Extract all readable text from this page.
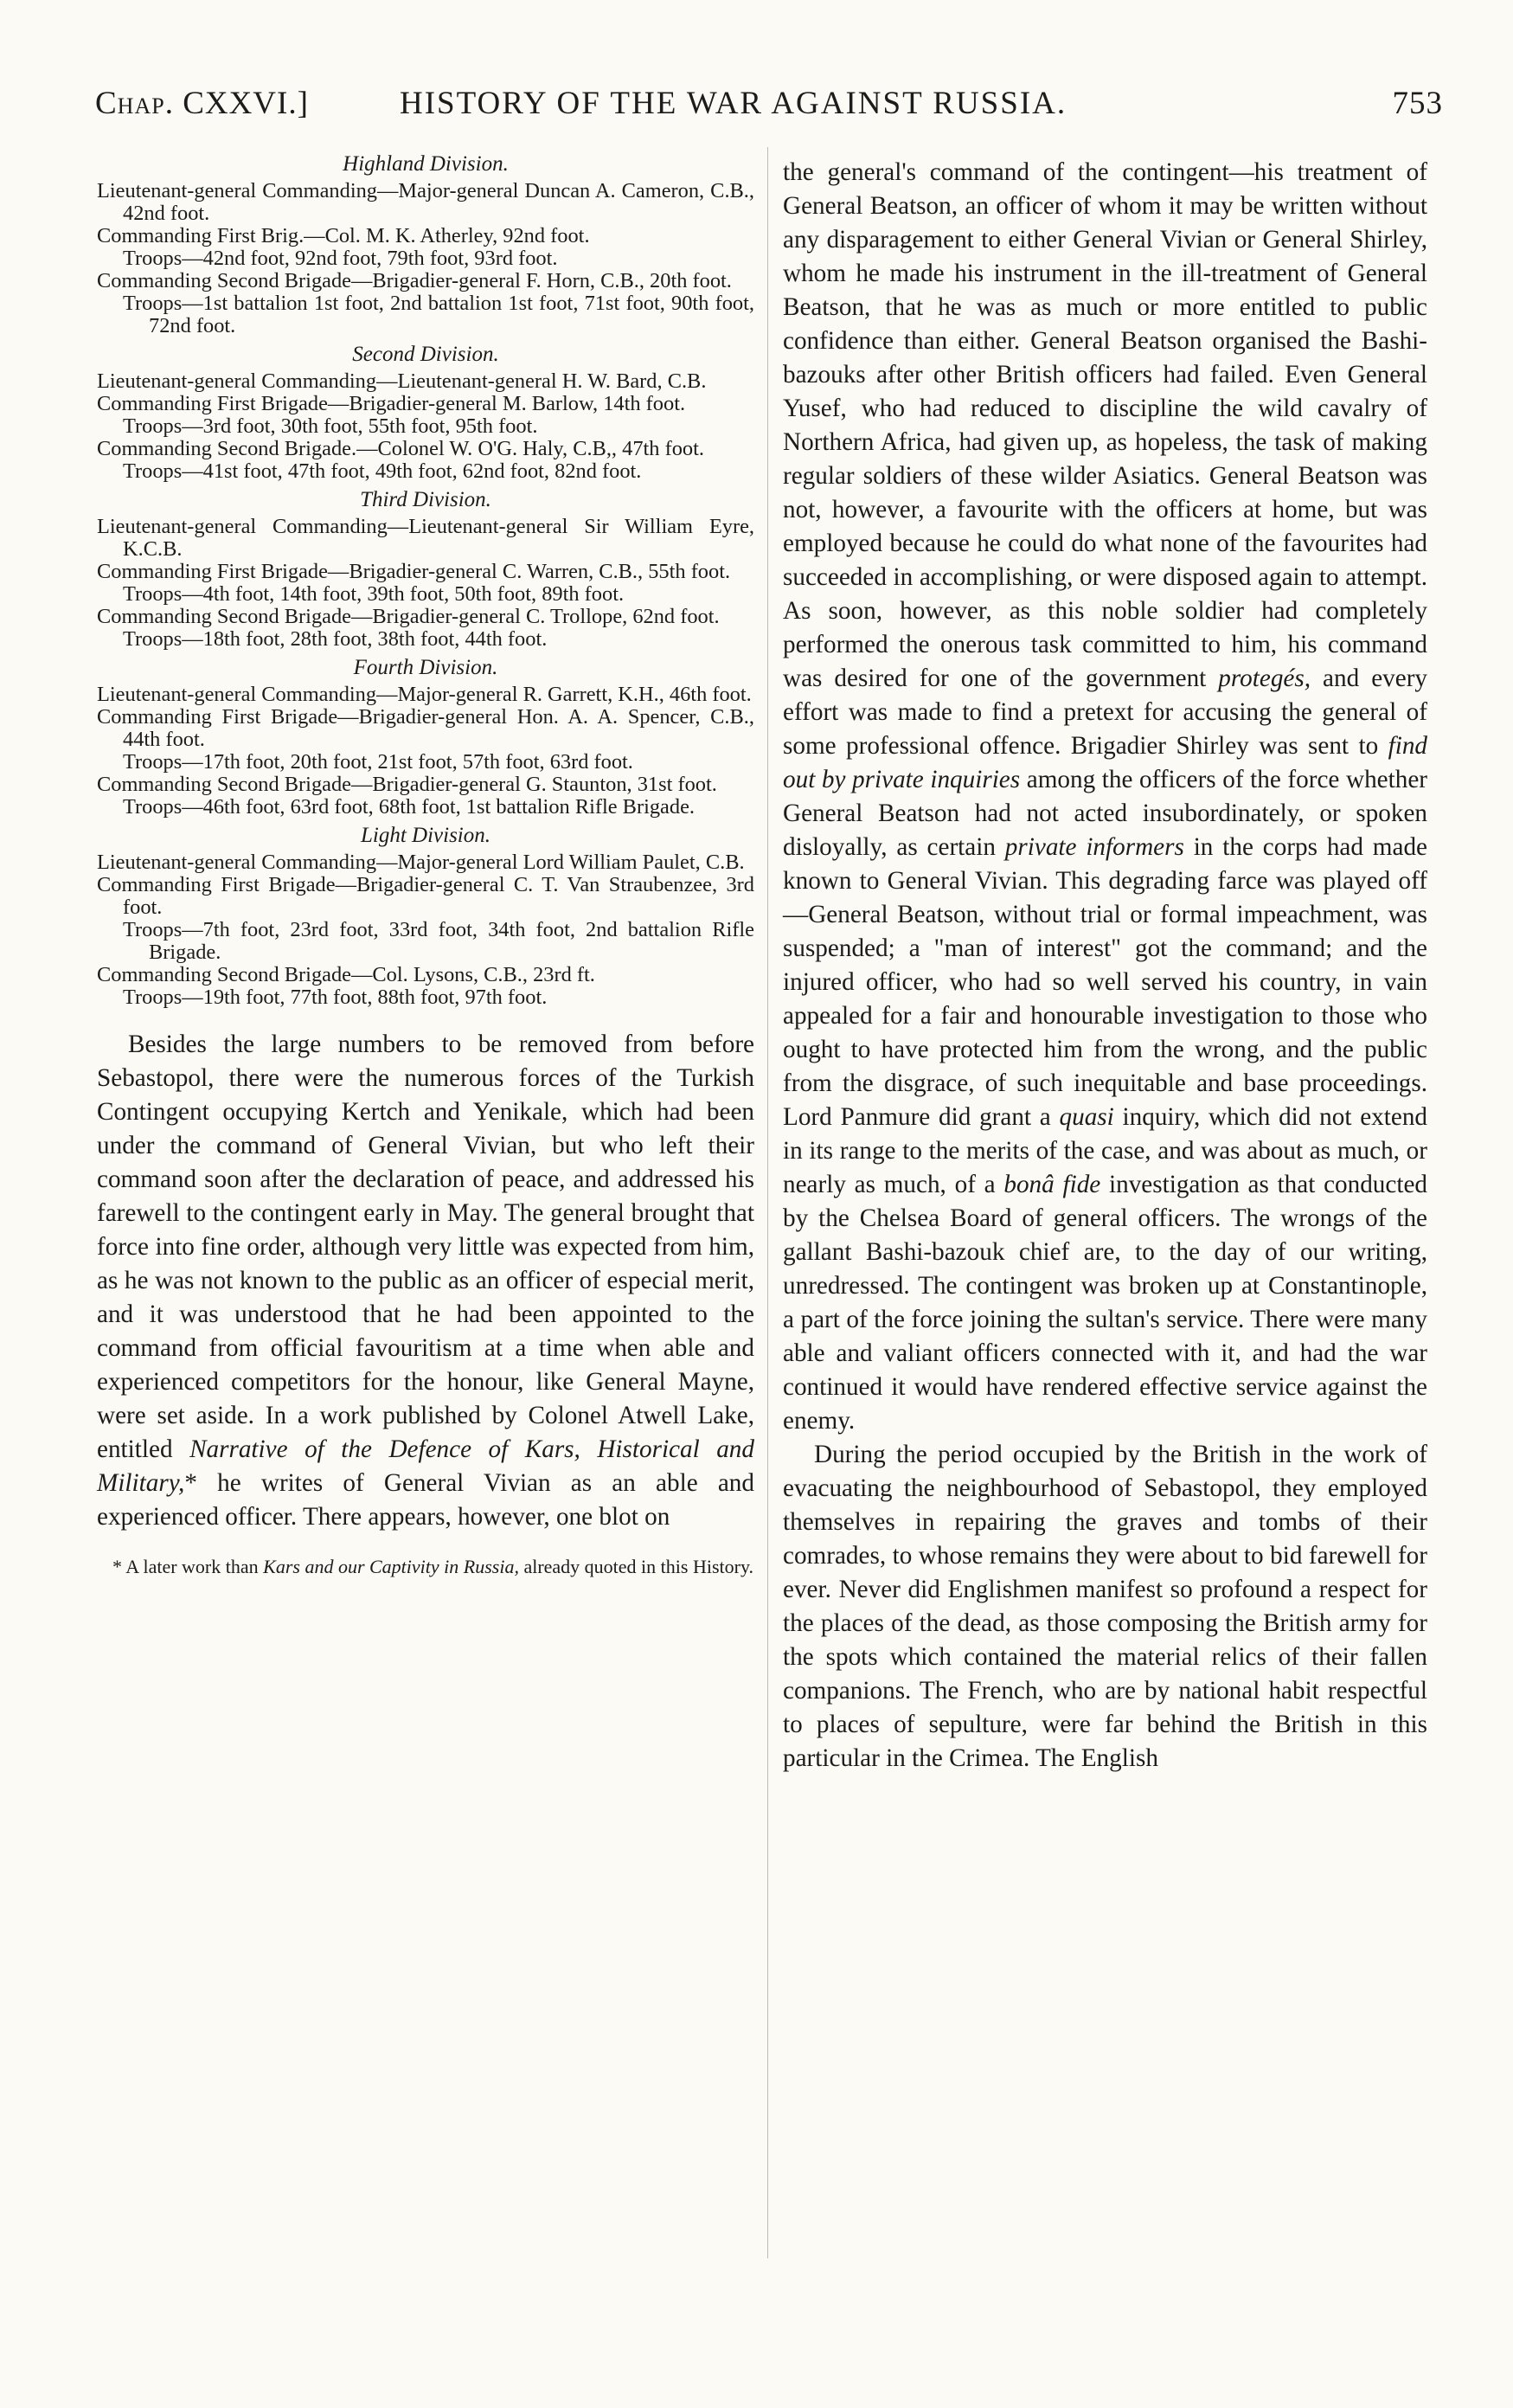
Chap. CXXVI.]	HISTORY OF THE WAR AGAINST RUSSIA.	753
Highland Division.

Lieutenant-general Commanding—Major-general Duncan A. Cameron, C.B., 42nd foot.

Commanding First Brig.—Col. M. K. Atherley, 92nd foot.

Troops—42nd foot, 92nd foot, 79th foot, 93rd foot.

Commanding Second Brigade—Brigadier-general F. Horn, C.B., 20th foot.

Troops—1st battalion 1st foot, 2nd battalion 1st foot, 71st foot, 90th foot, 72nd foot.

Second Division.

Lieutenant-general Commanding—Lieutenant-general H. W. Bard, C.B.

Commanding First Brigade—Brigadier-general M. Barlow, 14th foot.

Troops—3rd foot, 30th foot, 55th foot, 95th foot.

Commanding Second Brigade.—Colonel W. O'G. Haly, C.B,, 47th foot.

Troops—41st foot, 47th foot, 49th foot, 62nd foot, 82nd foot.

Third Division.

Lieutenant-general Commanding—Lieutenant-general Sir William Eyre, K.C.B.

Commanding First Brigade—Brigadier-general C. Warren, C.B., 55th foot.

Troops—4th foot, 14th foot, 39th foot, 50th foot, 89th foot.

Commanding Second Brigade—Brigadier-general C. Trollope, 62nd foot.

Troops—18th foot, 28th foot, 38th foot, 44th foot.

Fourth Division.

Lieutenant-general Commanding—Major-general R. Garrett, K.H., 46th foot.

Commanding First Brigade—Brigadier-general Hon. A. A. Spencer, C.B., 44th foot.

Troops—17th foot, 20th foot, 21st foot, 57th foot, 63rd foot.

Commanding Second Brigade—Brigadier-general G. Staunton, 31st foot.

Troops—46th foot, 63rd foot, 68th foot, 1st battalion Rifle Brigade.

Light Division.

Lieutenant-general Commanding—Major-general Lord William Paulet, C.B.

Commanding First Brigade—Brigadier-general C. T. Van Straubenzee, 3rd foot.

Troops—7th foot, 23rd foot, 33rd foot, 34th foot, 2nd battalion Rifle Brigade.

Commanding Second Brigade—Col. Lysons, C.B., 23rd ft.

Troops—19th foot, 77th foot, 88th foot, 97th foot.

Besides the large numbers to be removed from before Sebastopol, there were the numerous forces of the Turkish Contingent occupying Kertch and Yenikale, which had been under the command of General Vivian, but who left their command soon after the declaration of peace, and addressed his farewell to the contingent early in May. The general brought that force into fine order, although very little was expected from him, as he was not known to the public as an officer of especial merit, and it was understood that he had been appointed to the command from official favouritism at a time when able and experienced competitors for the honour, like General Mayne, were set aside. In a work published by Colonel Atwell Lake, entitled Narrative of the Defence of Kars, Historical and Military,* he writes of General Vivian as an able and experienced officer. There appears, however, one blot on

* A later work than Kars and our Captivity in Russia, already quoted in this History.

the general's command of the contingent—his treatment of General Beatson, an officer of whom it may be written without any disparagement to either General Vivian or General Shirley, whom he made his instrument in the ill-treatment of General Beatson, that he was as much or more entitled to public confidence than either. General Beatson organised the Bashi-bazouks after other British officers had failed. Even General Yusef, who had reduced to discipline the wild cavalry of Northern Africa, had given up, as hopeless, the task of making regular soldiers of these wilder Asiatics. General Beatson was not, however, a favourite with the officers at home, but was employed because he could do what none of the favourites had succeeded in accomplishing, or were disposed again to attempt. As soon, however, as this noble soldier had completely performed the onerous task committed to him, his command was desired for one of the government protegés, and every effort was made to find a pretext for accusing the general of some professional offence. Brigadier Shirley was sent to find out by private inquiries among the officers of the force whether General Beatson had not acted insubordinately, or spoken disloyally, as certain private informers in the corps had made known to General Vivian. This degrading farce was played off —General Beatson, without trial or formal impeachment, was suspended; a "man of interest" got the command; and the injured officer, who had so well served his country, in vain appealed for a fair and honourable investigation to those who ought to have protected him from the wrong, and the public from the disgrace, of such inequitable and base proceedings. Lord Panmure did grant a quasi inquiry, which did not extend in its range to the merits of the case, and was about as much, or nearly as much, of a bonâ fide investigation as that conducted by the Chelsea Board of general officers. The wrongs of the gallant Bashi-bazouk chief are, to the day of our writing, unredressed. The contingent was broken up at Constantinople, a part of the force joining the sultan's service. There were many able and valiant officers connected with it, and had the war continued it would have rendered effective service against the enemy.

During the period occupied by the British in the work of evacuating the neighbourhood of Sebastopol, they employed themselves in repairing the graves and tombs of their comrades, to whose remains they were about to bid farewell for ever. Never did Englishmen manifest so profound a respect for the places of the dead, as those composing the British army for the spots which contained the material relics of their fallen companions. The French, who are by national habit respectful to places of sepulture, were far behind the British in this particular in the Crimea. The English
